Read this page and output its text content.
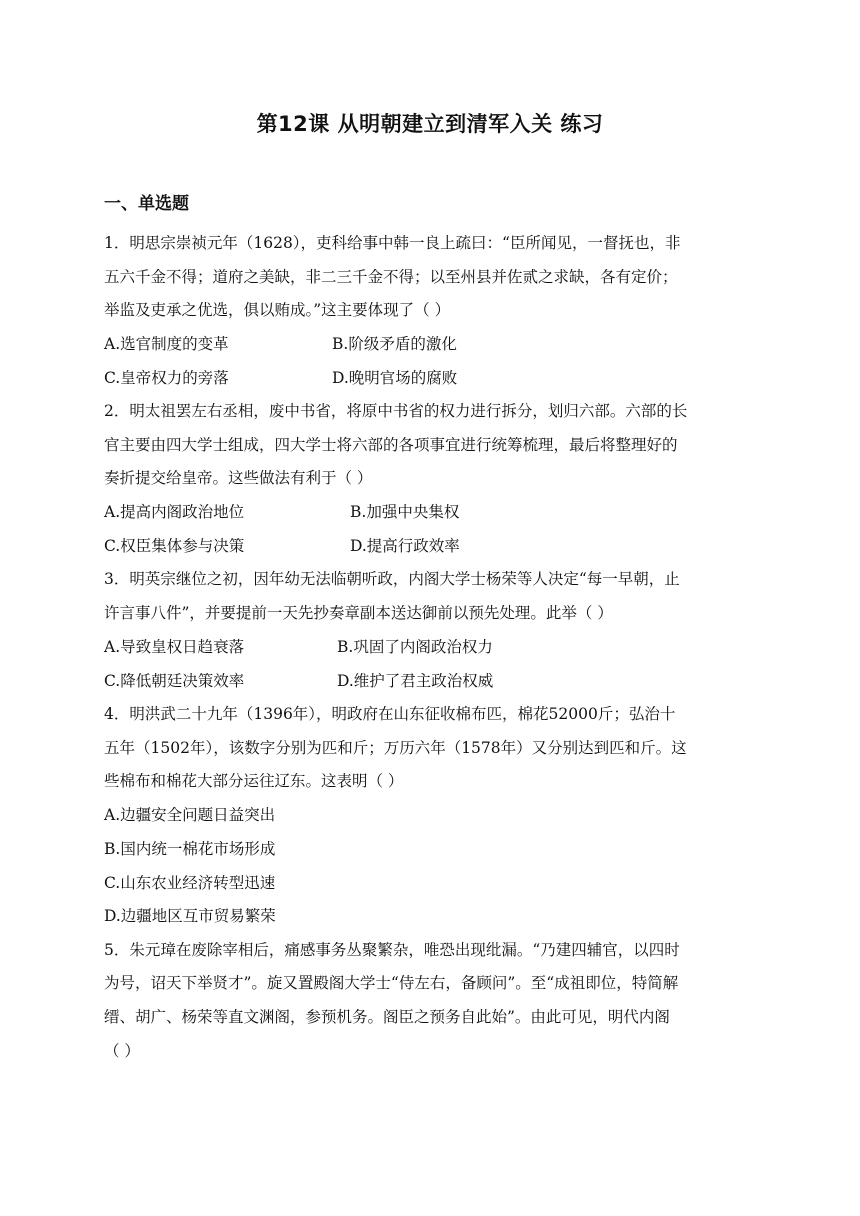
第12课 从明朝建立到清军入关 练习
一、单选题
1．明思宗崇祯元年（1628），吏科给事中韩一良上疏曰：“臣所闻见，一督抚也，非
五六千金不得；道府之美缺，非二三千金不得；以至州县并佐贰之求缺，各有定价；
举监及吏承之优选，俱以贿成。”这主要体现了（ ）
A.选官制度的变革	B.阶级矛盾的激化
C.皇帝权力的旁落	D.晚明官场的腐败
2．明太祖罢左右丞相，废中书省，将原中书省的权力进行拆分，划归六部。六部的长
官主要由四大学士组成，四大学士将六部的各项事宜进行统筹梳理，最后将整理好的
奏折提交给皇帝。这些做法有利于（ ）
A.提高内阁政治地位	B.加强中央集权
C.权臣集体参与决策	D.提高行政效率
3．明英宗继位之初，因年幼无法临朝听政，内阁大学士杨荣等人决定“每一早朝，止
许言事八件”，并要提前一天先抄奏章副本送达御前以预先处理。此举（ ）
A.导致皇权日趋衰落	B.巩固了内阁政治权力
C.降低朝廷决策效率	D.维护了君主政治权威
4．明洪武二十九年（1396年），明政府在山东征收棉布匹，棉花52000斤；弘治十
五年（1502年），该数字分别为匹和斤；万历六年（1578年）又分别达到匹和斤。这
些棉布和棉花大部分运往辽东。这表明（ ）
A.边疆安全问题日益突出
B.国内统一棉花市场形成
C.山东农业经济转型迅速
D.边疆地区互市贸易繁荣
5．朱元璋在废除宰相后，痛感事务丛聚繁杂，唯恐出现纰漏。“乃建四辅官，以四时
为号，诏天下举贤才”。旋又置殿阁大学士“侍左右，备顾问”。至“成祖即位，特简解
缙、胡广、杨荣等直文渊阁，参预机务。阁臣之预务自此始”。由此可见，明代内阁
（ ）
